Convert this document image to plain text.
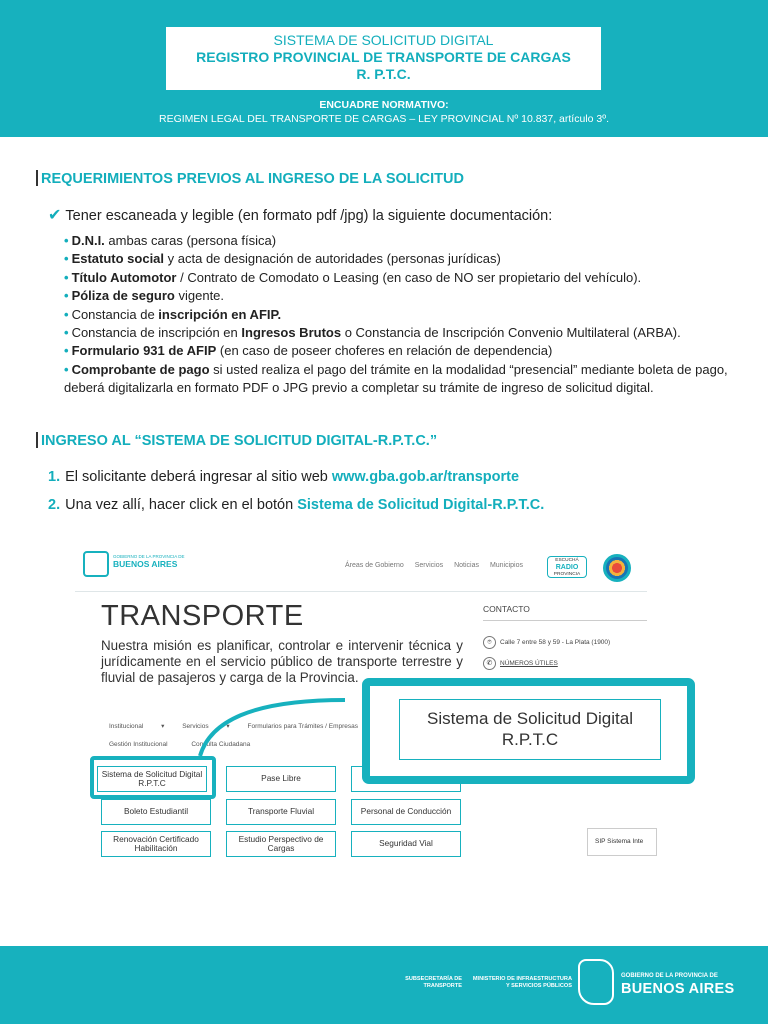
SISTEMA DE SOLICITUD DIGITAL
REGISTRO PROVINCIAL DE TRANSPORTE DE CARGAS
R. P.T.C.
ENCUADRE NORMATIVO:
REGIMEN LEGAL DEL TRANSPORTE DE CARGAS – LEY PROVINCIAL Nº 10.837, artículo 3º.
REQUERIMIENTOS PREVIOS AL INGRESO DE LA SOLICITUD
✔ Tener escaneada y legible (en formato pdf /jpg) la siguiente documentación:
• D.N.I. ambas caras (persona física)
• Estatuto social y acta de designación de autoridades (personas jurídicas)
• Título Automotor / Contrato de Comodato o Leasing (en caso de NO ser propietario del vehículo).
• Póliza de seguro vigente.
• Constancia de inscripción en AFIP.
• Constancia de inscripción en Ingresos Brutos o Constancia de Inscripción Convenio Multilateral (ARBA).
• Formulario 931 de AFIP (en caso de poseer choferes en relación de dependencia)
• Comprobante de pago si usted realiza el pago del trámite en la modalidad “presencial” mediante boleta de pago, deberá digitalizarla en formato PDF o JPG previo a completar su trámite de ingreso de solicitud digital.
INGRESO AL “SISTEMA DE SOLICITUD DIGITAL-R.P.T.C.”
1. El solicitante deberá ingresar al sitio web www.gba.gob.ar/transporte
2. Una vez allí, hacer click en el botón Sistema de Solicitud Digital-R.P.T.C.
GOBIERNO DE LA PROVINCIA DE
BUENOS AIRES	Áreas de Gobierno Servicios Noticias Municipios
ESCUCHÁ
RADIO
PROVINCIA
TRANSPORTE
Nuestra misión es planificar, controlar e intervenir técnica y jurídicamente en el servicio público de transporte terrestre y fluvial de pasajeros y carga de la Provincia.
CONTACTO
⌾ Calle 7 entre 58 y 59 - La Plata (1900)
✆ NÚMEROS ÚTILES
Institucional ▾	Servicios ▾	Formularios para Trámites / Empresas
Gestión Institucional	Consulta Ciudadana
Sistema de Solicitud Digital R.P.T.C	Pase Libre
Boleto Estudiantil	Transporte Fluvial	Personal de Conducción
Renovación Certificado Habilitación
Estudio Perspectivo de Cargas	Seguridad Vial	SIP Sistema Inte
Sistema de Solicitud Digital
R.P.T.C
SUBSECRETARÍA DE
TRANSPORTE
MINISTERIO DE INFRAESTRUCTURA
Y SERVICIOS PÚBLICOS
GOBIERNO DE LA PROVINCIA DE
BUENOS AIRES
